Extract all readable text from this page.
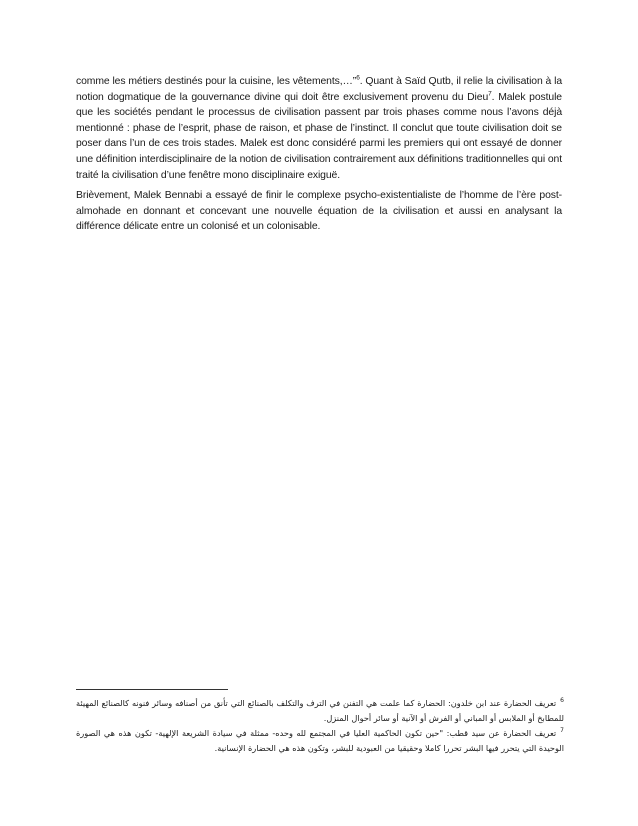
comme les métiers destinés pour la cuisine, les vêtements,…”$^6$. Quant à Saïd Qutb, il relie la civilisation à la notion dogmatique de la gouvernance divine qui doit être exclusivement provenu du Dieu$^7$. Malek postule que les sociétés pendant le processus de civilisation passent par trois phases comme nous l’avons déjà mentionné : phase de l’esprit, phase de raison, et phase de l’instinct. Il conclut que toute civilisation doit se poser dans l’un de ces trois stades. Malek est donc considéré parmi les premiers qui ont essayé de donner une définition interdisciplinaire de la notion de civilisation contrairement aux définitions traditionnelles qui ont traité la civilisation d’une fenêtre mono disciplinaire exiguë.

Brièvement, Malek Bennabi a essayé de finir le complexe psycho-existentialiste de l’homme de l’ère post-almohade en donnant et concevant une nouvelle équation de la civilisation et aussi en analysant la différence délicate entre un colonisé et un colonisable.

$^6$تعريف الحضارة عند ابن خلدون: الحضارة كما علمت هي التفنن في الترف والتكلف بالصنائع التي تأنق من أصنافه وسائر فنونه كالصنائع المهيئة للمطابخ أو الملابس أو المباني أو الفرش أو الآنية أو سائر أحوال المنزل.

$^7$تعريف الحضارة عن سيد قطب: "حين تكون الحاكمية العليا في المجتمع لله وحده- ممثلة في سيادة الشريعة الإلهية- تكون هذه هي الصورة الوحيدة التي يتحرر فيها البشر تحررا كاملا وحقيقيا من العبودية للبشر، وتكون هذه هي الحضارة الإنسانية.
